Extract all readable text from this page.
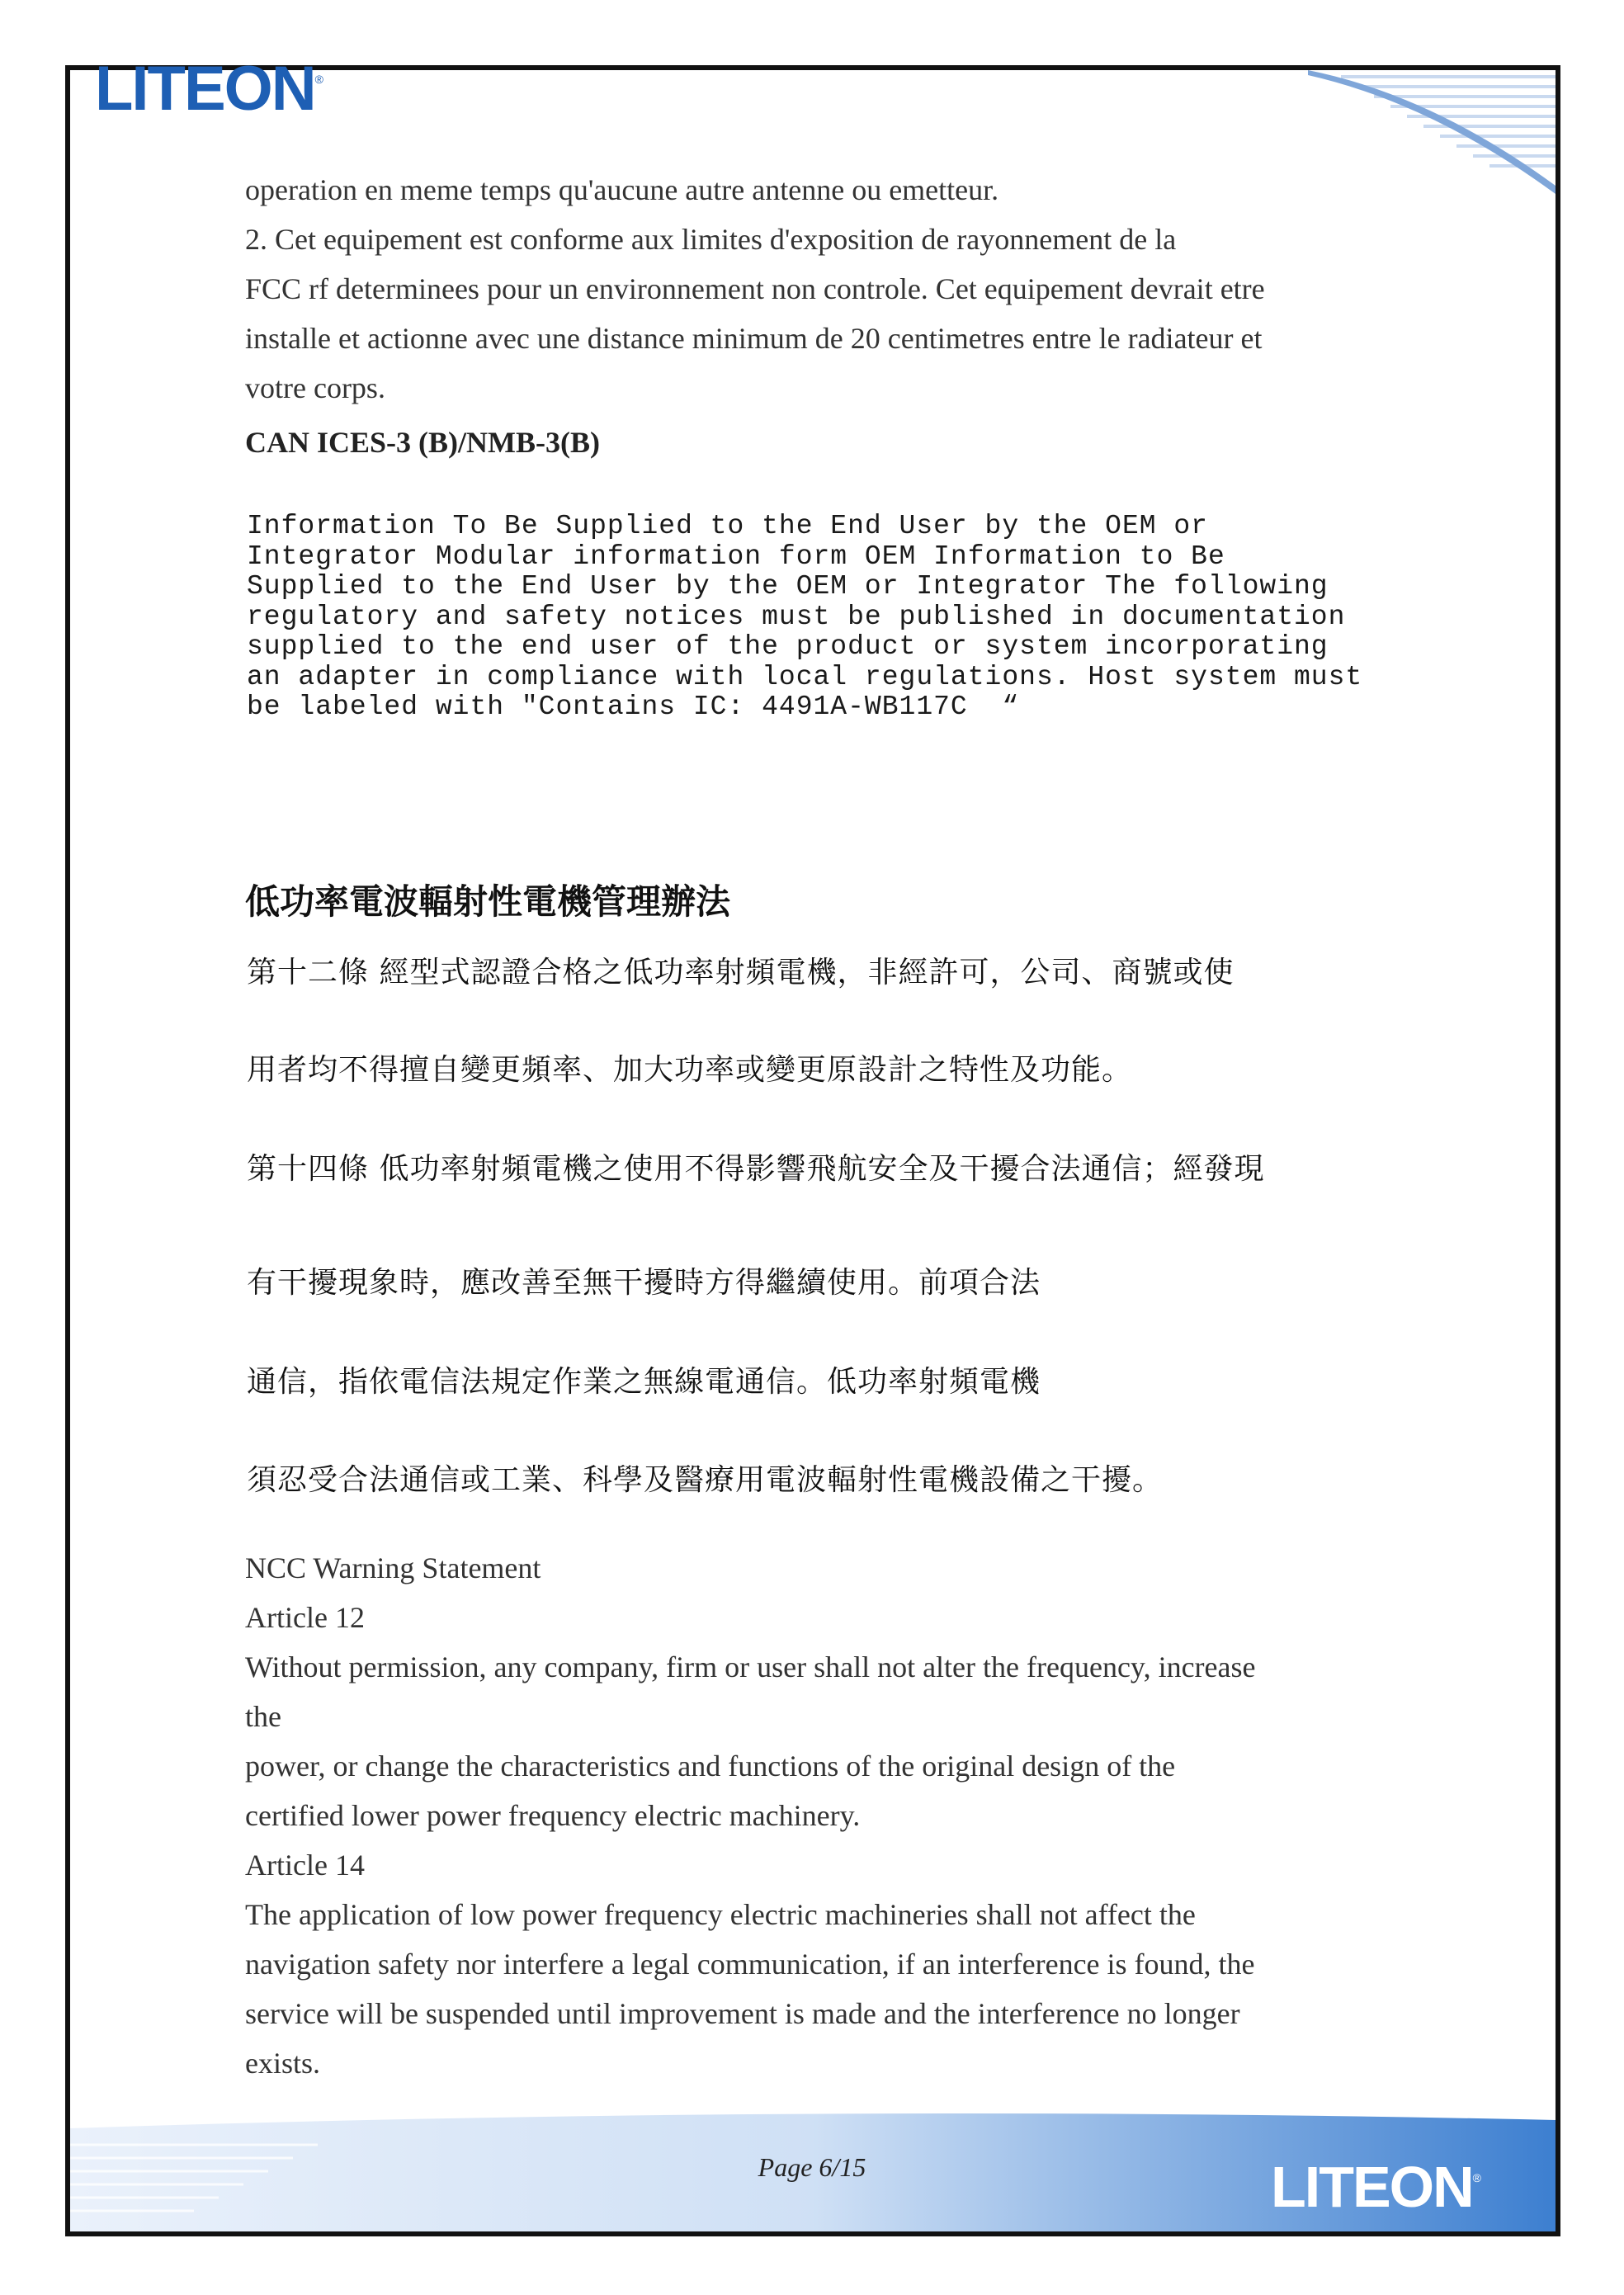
LITEON®

operation en meme temps qu'aucune autre antenne ou emetteur.

2. Cet equipement est conforme aux limites d'exposition de rayonnement de la

FCC rf determinees pour un environnement non controle. Cet equipement devrait etre

installe et actionne avec une distance minimum de 20 centimetres entre le radiateur et

votre corps.

CAN ICES-3 (B)/NMB-3(B)

Information To Be Supplied to the End User by the OEM or
Integrator Modular information form OEM Information to Be
Supplied to the End User by the OEM or Integrator The following
regulatory and safety notices must be published in documentation
supplied to the end user of the product or system incorporating
an adapter in compliance with local regulations. Host system must
be labeled with "Contains IC: 4491A-WB117C  “
低功率電波輻射性電機管理辦法
第十二條 經型式認證合格之低功率射頻電機，非經許可，公司、商號或使
用者均不得擅自變更頻率、加大功率或變更原設計之特性及功能。
第十四條 低功率射頻電機之使用不得影響飛航安全及干擾合法通信；經發現
有干擾現象時，應改善至無干擾時方得繼續使用。前項合法
通信，指依電信法規定作業之無線電通信。低功率射頻電機
須忍受合法通信或工業、科學及醫療用電波輻射性電機設備之干擾。

NCC Warning Statement

Article 12

Without permission, any company, firm or user shall not alter the frequency, increase

the

power, or change the characteristics and functions of the original design of the

certified lower power frequency electric machinery.

Article 14

The application of low power frequency electric machineries shall not affect the

navigation safety nor interfere a legal communication, if an interference is found, the

service will be suspended until improvement is made and the interference no longer

exists.

Page 6/15	LITEON®
